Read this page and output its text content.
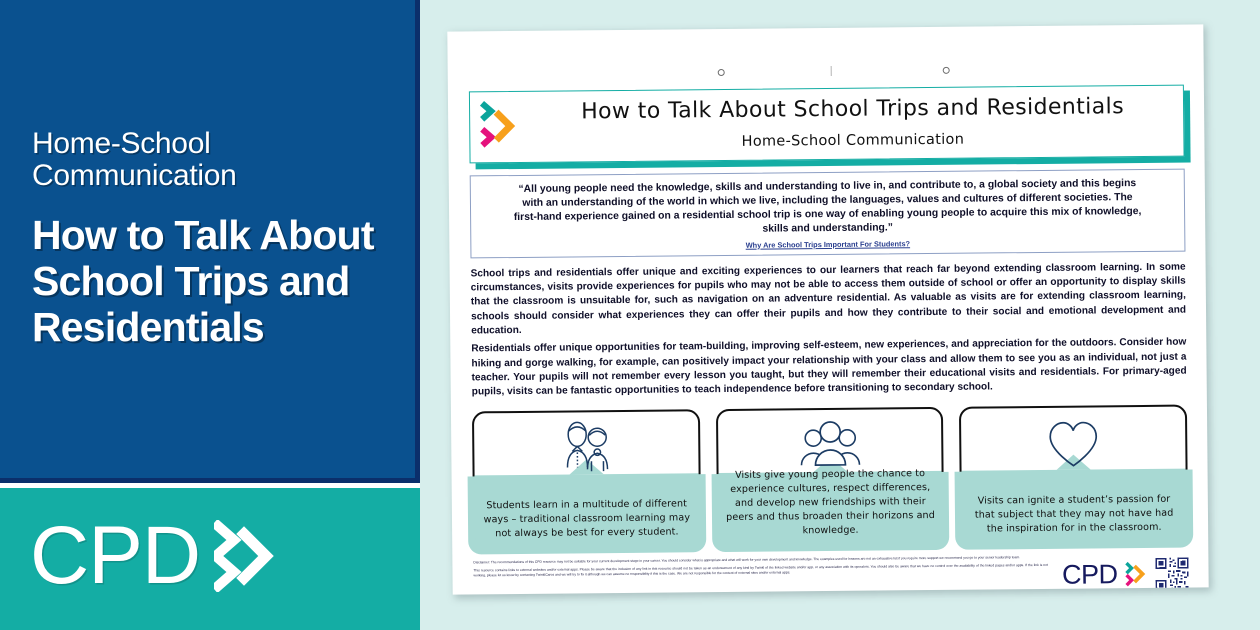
Home-School Communication
How to Talk About School Trips and Residentials
CPD
How to Talk About School Trips and Residentials
Home-School Communication
“All young people need the knowledge, skills and understanding to live in, and contribute to, a global society and this begins with an understanding of the world in which we live, including the languages, values and cultures of different societies. The first-hand experience gained on a residential school trip is one way of enabling young people to acquire this mix of knowledge, skills and understanding.”
Why Are School Trips Important For Students?

School trips and residentials offer unique and exciting experiences to our learners that reach far beyond extending classroom learning. In some circumstances, visits provide experiences for pupils who may not be able to access them outside of school or offer an opportunity to display skills that the classroom is unsuitable for, such as navigation on an adventure residential. As valuable as visits are for extending classroom learning, schools should consider what experiences they can offer their pupils and how they contribute to their social and emotional development and education.

Residentials offer unique opportunities for team-building, improving self-esteem, new experiences, and appreciation for the outdoors. Consider how hiking and gorge walking, for example, can positively impact your relationship with your class and allow them to see you as an individual, not just a teacher. Your pupils will not remember every lesson you taught, but they will remember their educational visits and residentials. For primary-aged pupils, visits can be fantastic opportunities to teach independence before transitioning to secondary school.

Students learn in a multitude of different ways – traditional classroom learning may not always be best for every student.
Visits give young people the chance to experience cultures, respect differences, and develop new friendships with their peers and thus broaden their horizons and knowledge.
Visits can ignite a student’s passion for that subject that they may not have had the inspiration for in the classroom.

Disclaimer: The recommendations of this CPD resource may not be suitable for your current development stage in your career. You should consider what is appropriate and what will work for your own development and knowledge. The examples used for lessons are not an exhaustive list if you require more support we recommend you go to your senior leadership team.

This resource contains links to external websites and/or external apps. Please be aware that the inclusion of any link in this resource should not be taken as an endorsement of any kind by Twinkl of the linked website and/or app, or any association with its operators. You should also be aware that we have no control over the availability of the linked pages and/or apps. If the link is not working, please let us know by contacting TwinklCares and we will try to fix it although we can assume no responsibility if this is the case. We are not responsible for the content of external sites and/or external apps.	CPD
